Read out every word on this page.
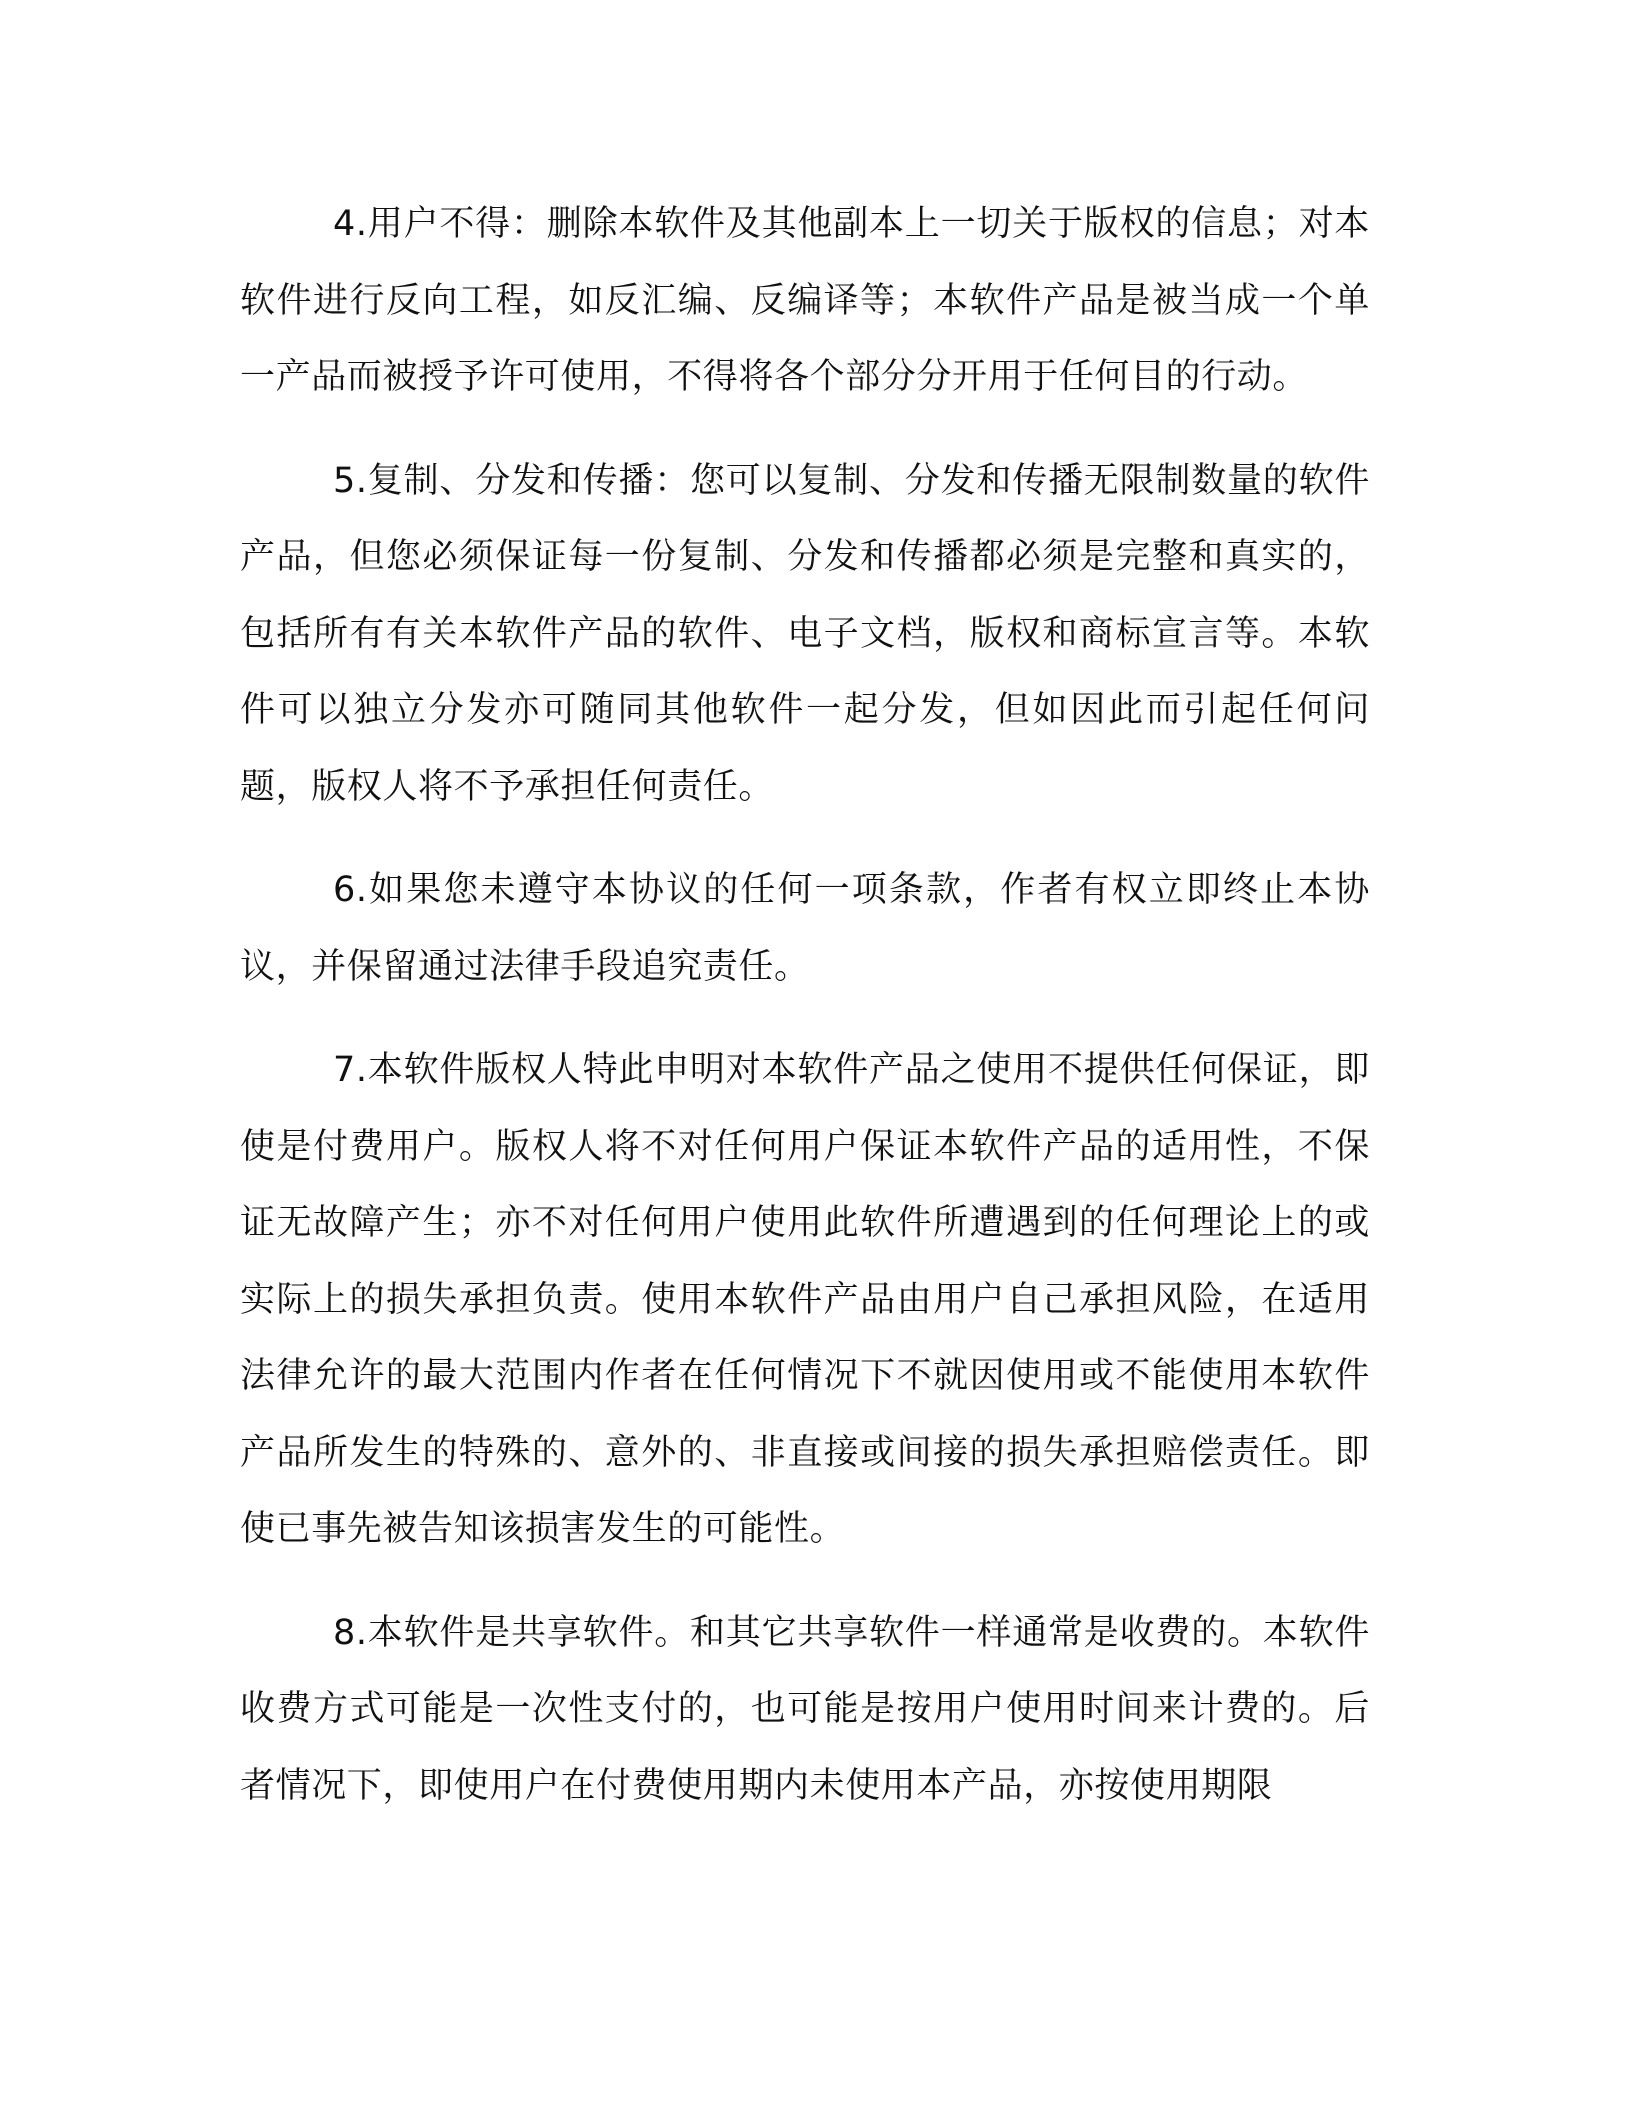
4.用户不得：删除本软件及其他副本上一切关于版权的信息；对本软件进行反向工程，如反汇编、反编译等；本软件产品是被当成一个单一产品而被授予许可使用，不得将各个部分分开用于任何目的行动。

5.复制、分发和传播：您可以复制、分发和传播无限制数量的软件产品，但您必须保证每一份复制、分发和传播都必须是完整和真实的，包括所有有关本软件产品的软件、电子文档，版权和商标宣言等。本软件可以独立分发亦可随同其他软件一起分发，但如因此而引起任何问题，版权人将不予承担任何责任。

6.如果您未遵守本协议的任何一项条款，作者有权立即终止本协议，并保留通过法律手段追究责任。

7.本软件版权人特此申明对本软件产品之使用不提供任何保证，即使是付费用户。版权人将不对任何用户保证本软件产品的适用性，不保证无故障产生；亦不对任何用户使用此软件所遭遇到的任何理论上的或实际上的损失承担负责。使用本软件产品由用户自己承担风险，在适用法律允许的最大范围内作者在任何情况下不就因使用或不能使用本软件产品所发生的特殊的、意外的、非直接或间接的损失承担赔偿责任。即使已事先被告知该损害发生的可能性。

8.本软件是共享软件。和其它共享软件一样通常是收费的。本软件收费方式可能是一次性支付的，也可能是按用户使用时间来计费的。后者情况下，即使用户在付费使用期内未使用本产品，亦按使用期限
